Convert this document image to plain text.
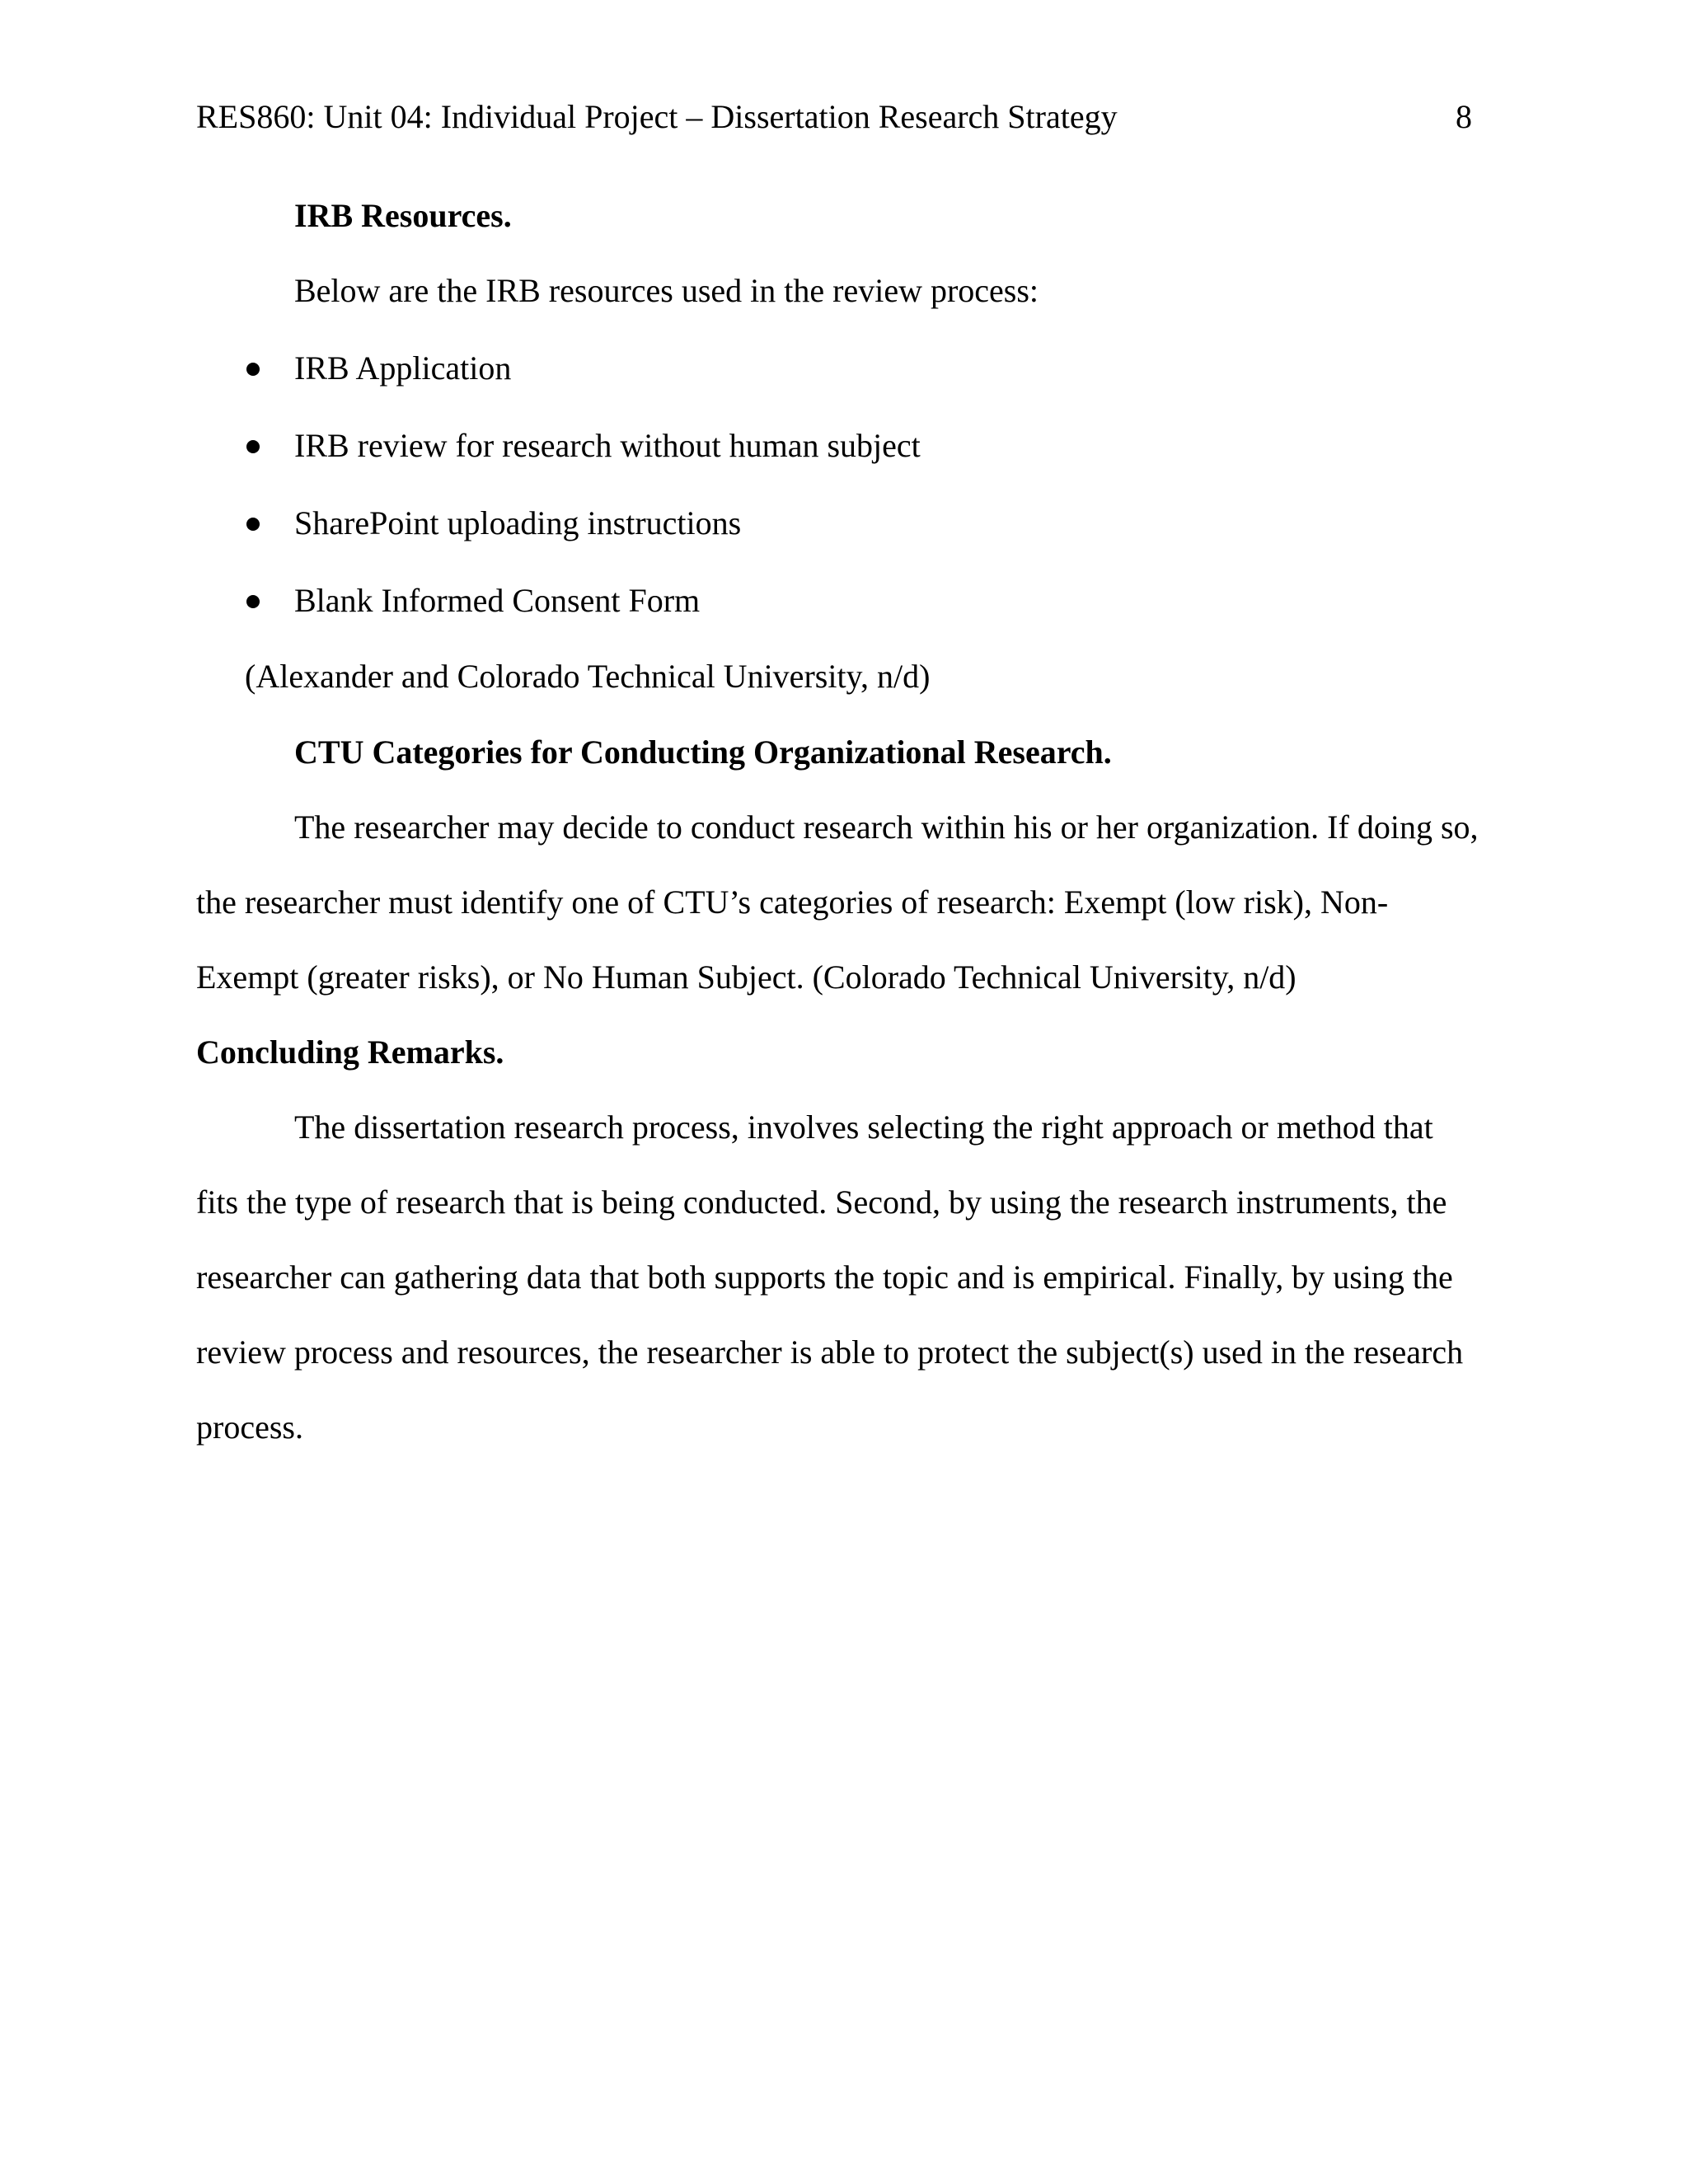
RES860: Unit 04: Individual Project – Dissertation Research Strategy	8
IRB Resources.
Below are the IRB resources used in the review process:
IRB Application
IRB review for research without human subject
SharePoint uploading instructions
Blank Informed Consent Form
(Alexander and Colorado Technical University, n/d)
CTU Categories for Conducting Organizational Research.
The researcher may decide to conduct research within his or her organization. If doing so,
the researcher must identify one of CTU’s categories of research: Exempt (low risk), Non-
Exempt (greater risks), or No Human Subject. (Colorado Technical University, n/d)
Concluding Remarks.
The dissertation research process, involves selecting the right approach or method that
fits the type of research that is being conducted. Second, by using the research instruments, the
researcher can gathering data that both supports the topic and is empirical. Finally, by using the
review process and resources, the researcher is able to protect the subject(s) used in the research
process.
